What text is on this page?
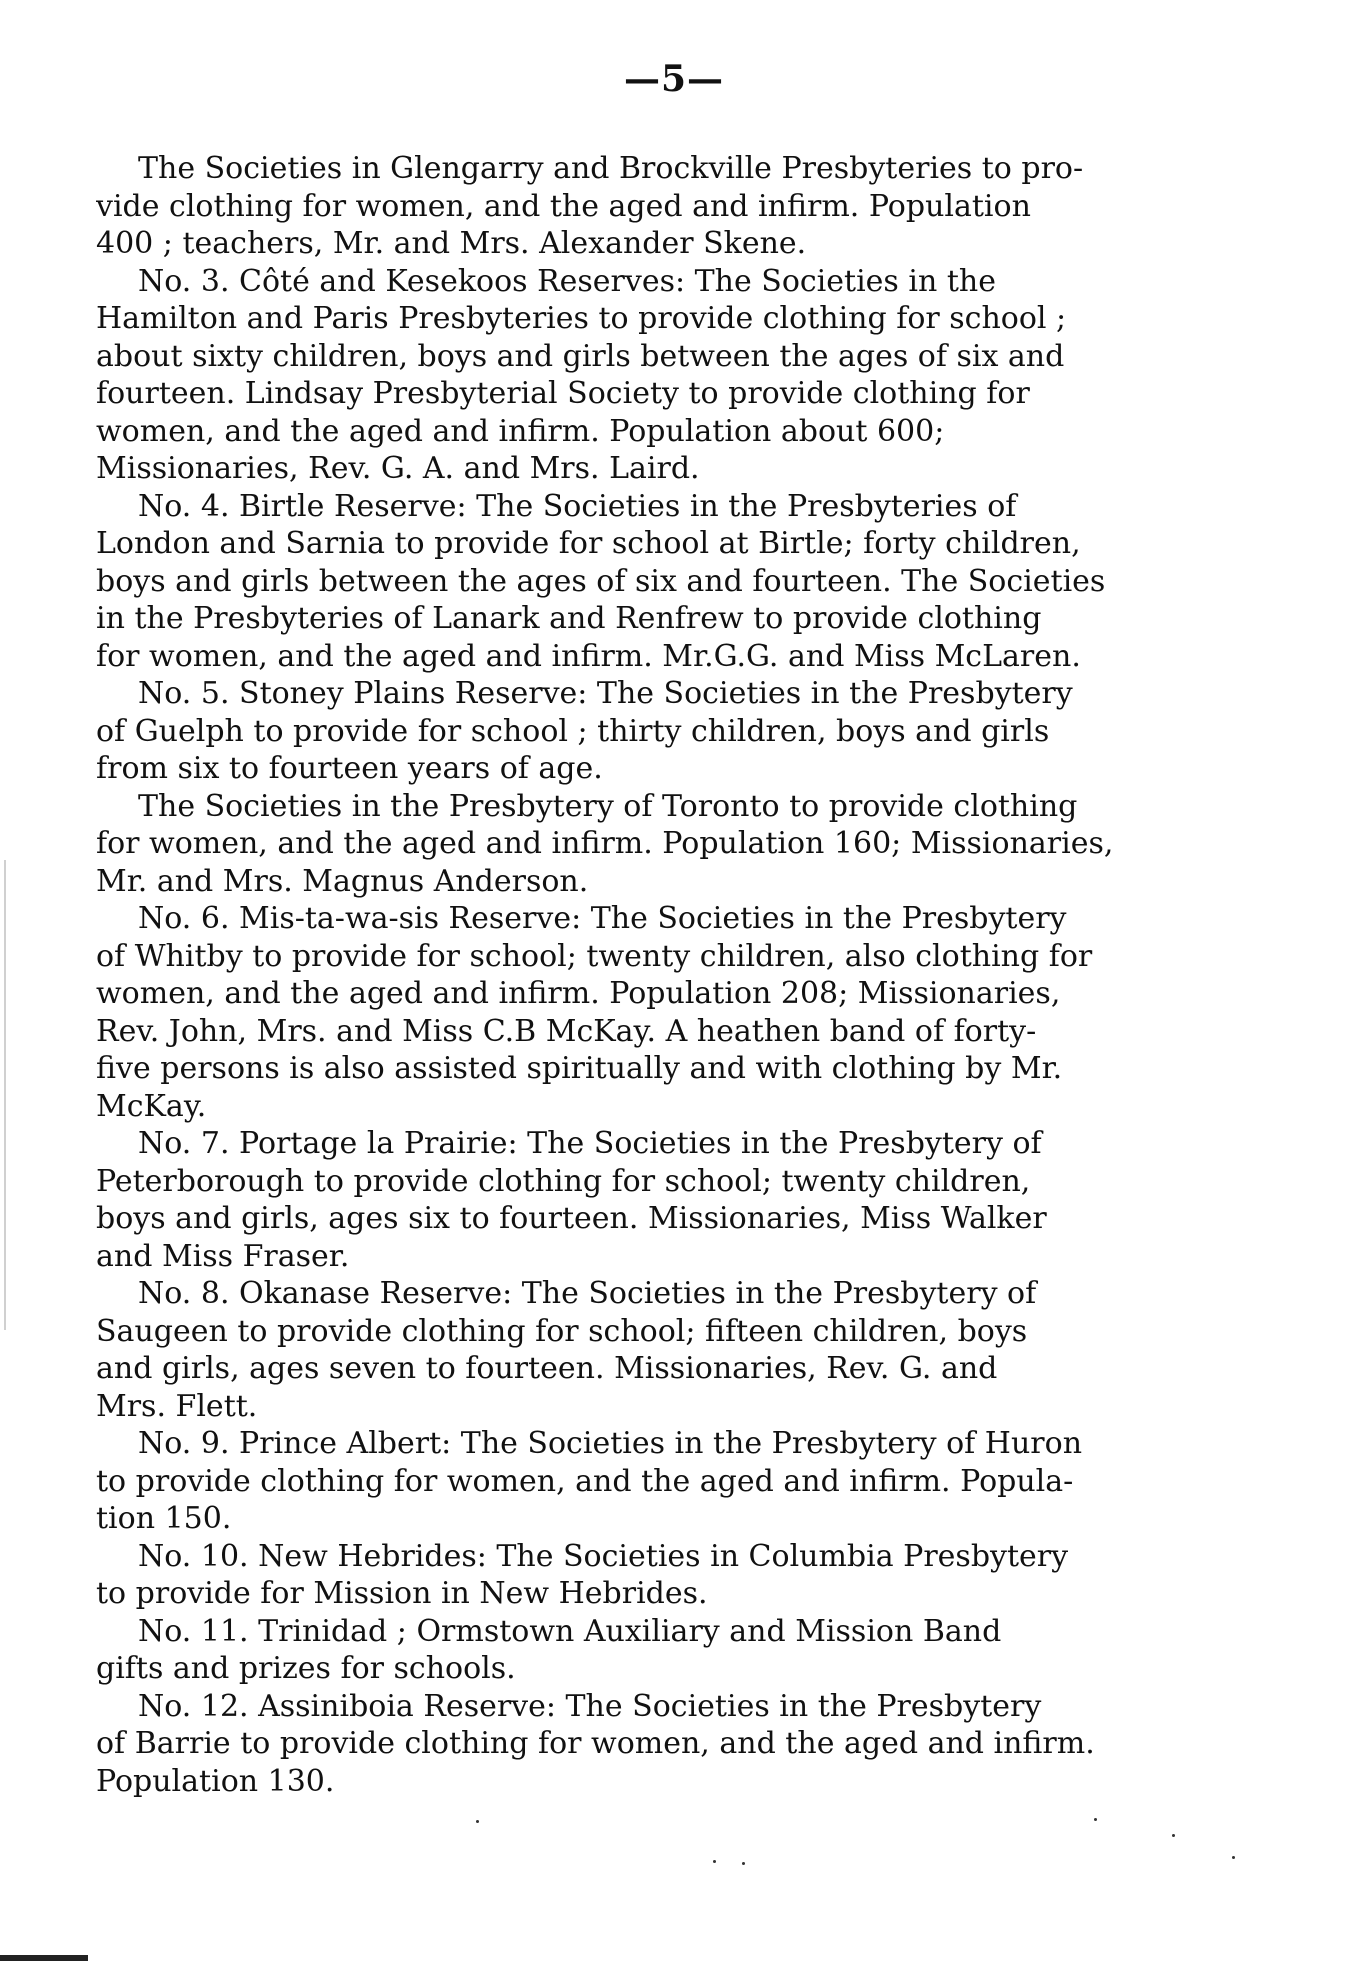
—5—
The Societies in Glengarry and Brockville Presbyteries to pro-
vide clothing for women, and the aged and infirm. Population
400 ; teachers, Mr. and Mrs. Alexander Skene.
No. 3. Côté and Kesekoos Reserves: The Societies in the
Hamilton and Paris Presbyteries to provide clothing for school ;
about sixty children, boys and girls between the ages of six and
fourteen. Lindsay Presbyterial Society to provide clothing for
women, and the aged and infirm. Population about 600;
Missionaries, Rev. G. A. and Mrs. Laird.
No. 4. Birtle Reserve: The Societies in the Presbyteries of
London and Sarnia to provide for school at Birtle; forty children,
boys and girls between the ages of six and fourteen. The Societies
in the Presbyteries of Lanark and Renfrew to provide clothing
for women, and the aged and infirm. Mr.G.G. and Miss McLaren.
No. 5. Stoney Plains Reserve: The Societies in the Presbytery
of Guelph to provide for school ; thirty children, boys and girls
from six to fourteen years of age.
The Societies in the Presbytery of Toronto to provide clothing
for women, and the aged and infirm. Population 160; Missionaries,
Mr. and Mrs. Magnus Anderson.
No. 6. Mis-ta-wa-sis Reserve: The Societies in the Presbytery
of Whitby to provide for school; twenty children, also clothing for
women, and the aged and infirm. Population 208; Missionaries,
Rev. John, Mrs. and Miss C.B McKay. A heathen band of forty-
five persons is also assisted spiritually and with clothing by Mr.
McKay.
No. 7. Portage la Prairie: The Societies in the Presbytery of
Peterborough to provide clothing for school; twenty children,
boys and girls, ages six to fourteen. Missionaries, Miss Walker
and Miss Fraser.
No. 8. Okanase Reserve: The Societies in the Presbytery of
Saugeen to provide clothing for school; fifteen children, boys
and girls, ages seven to fourteen. Missionaries, Rev. G. and
Mrs. Flett.
No. 9. Prince Albert: The Societies in the Presbytery of Huron
to provide clothing for women, and the aged and infirm. Popula-
tion 150.
No. 10. New Hebrides: The Societies in Columbia Presbytery
to provide for Mission in New Hebrides.
No. 11. Trinidad ; Ormstown Auxiliary and Mission Band
gifts and prizes for schools.
No. 12. Assiniboia Reserve: The Societies in the Presbytery
of Barrie to provide clothing for women, and the aged and infirm.
Population 130.
